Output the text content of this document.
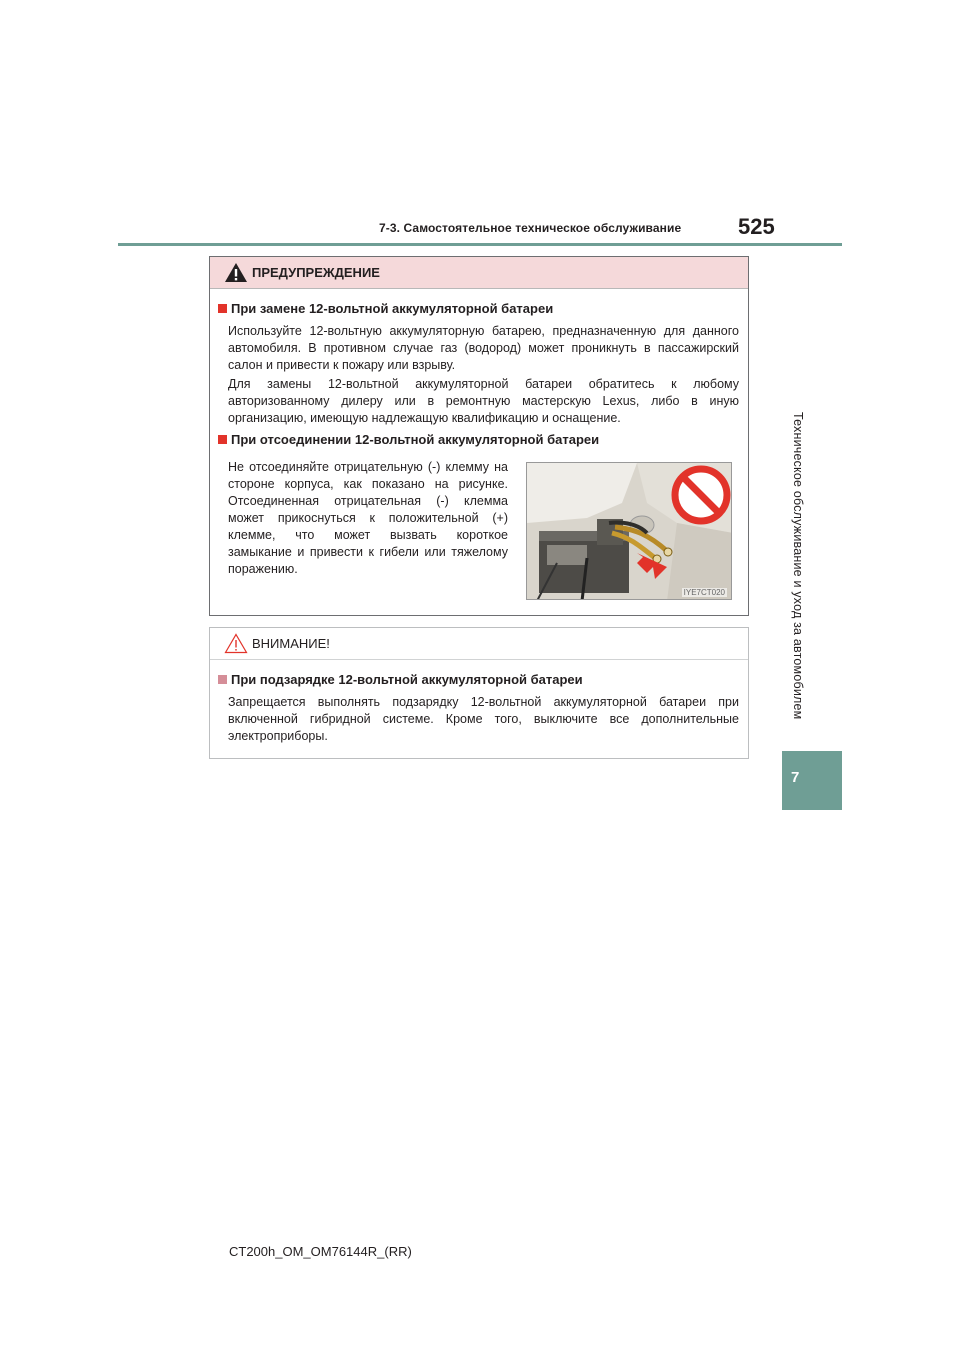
7-3. Самостоятельное техническое обслуживание	525
Техническое обслуживание и уход за автомобилем
7
ПРЕДУПРЕЖДЕНИЕ
При замене 12-вольтной аккумуляторной батареи
Используйте 12-вольтную аккумуляторную батарею, предназначенную для данного автомобиля. В противном случае газ (водород) может проникнуть в пассажирский салон и привести к пожару или взрыву.
Для замены 12-вольтной аккумуляторной батареи обратитесь к любому авторизованному дилеру или в ремонтную мастерскую Lexus, либо в иную организацию, имеющую надлежащую квалификацию и оснащение.
При отсоединении 12-вольтной аккумуляторной батареи
Не отсоединяйте отрицательную (-) клемму на стороне корпуса, как показано на рисунке. Отсоединенная отрицательная (-) клемма может прикоснуться к положительной (+) клемме, что может вызвать короткое замыкание и привести к гибели или тяжелому поражению.
IYE7CT020
ВНИМАНИЕ!
При подзарядке 12-вольтной аккумуляторной батареи
Запрещается выполнять подзарядку 12-вольтной аккумуляторной батареи при включенной гибридной системе. Кроме того, выключите все дополнительные электроприборы.
CT200h_OM_OM76144R_(RR)
